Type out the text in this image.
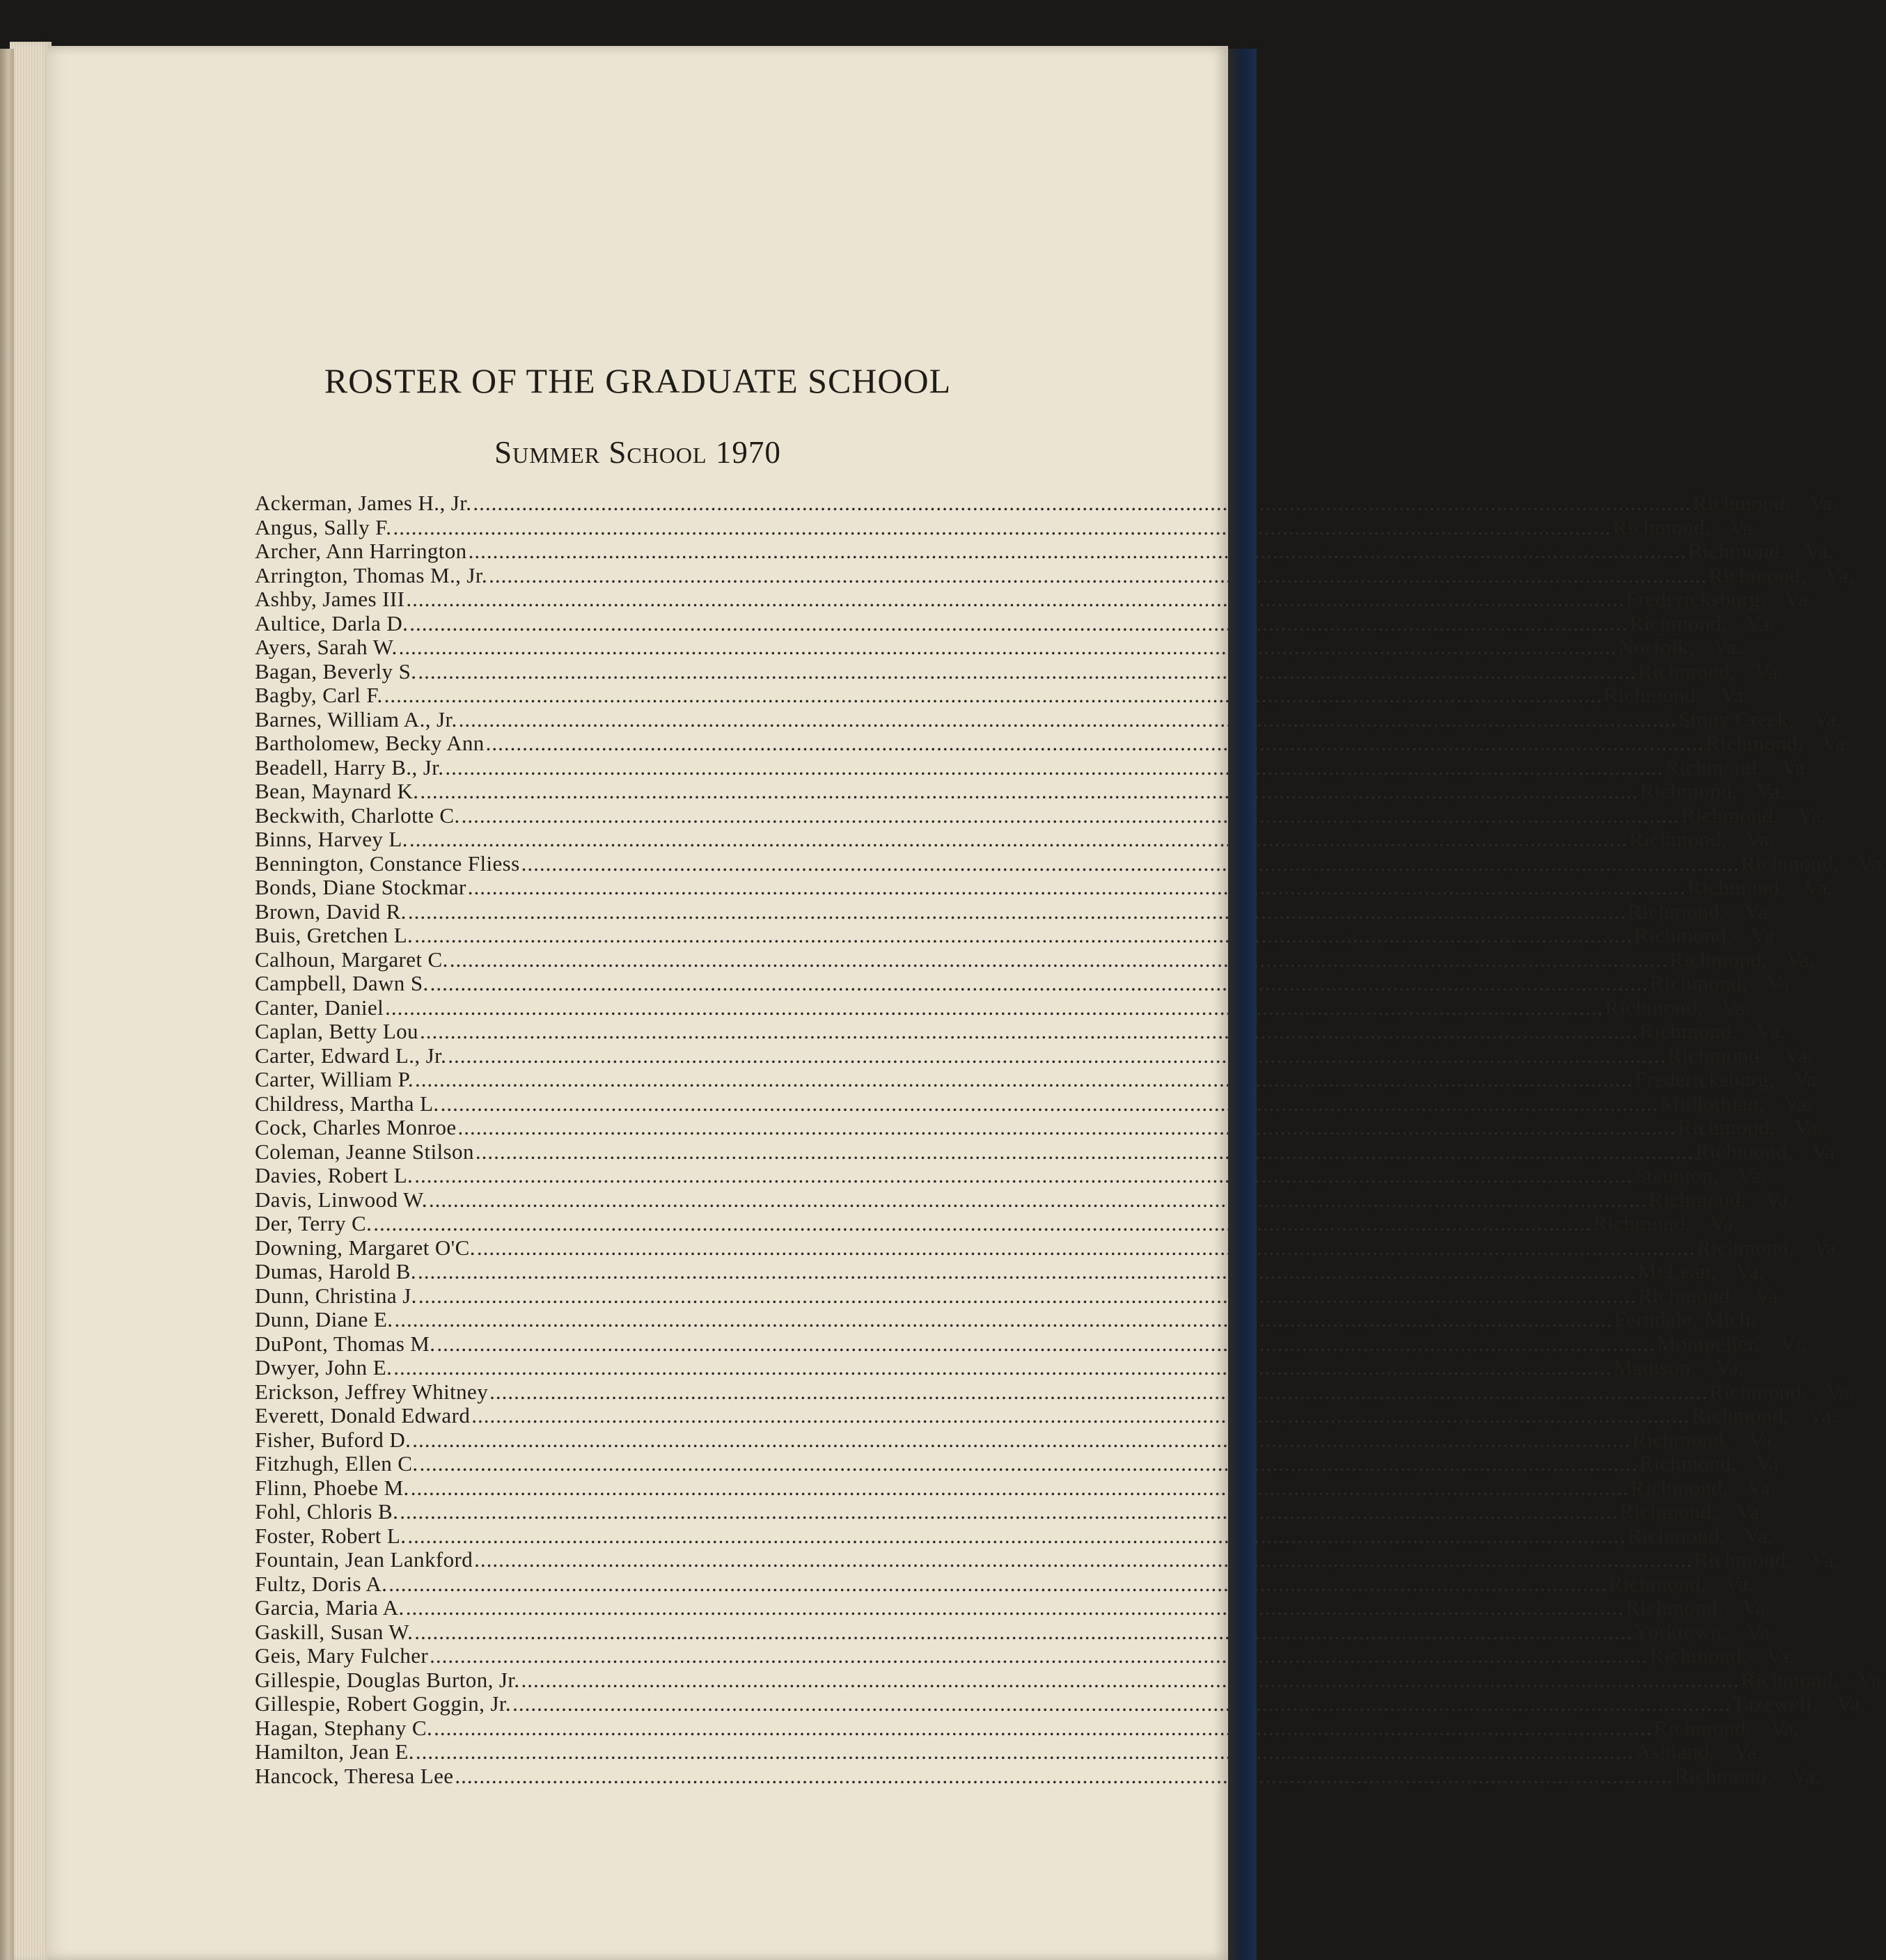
ROSTER OF THE GRADUATE SCHOOL
Summer School 1970
Ackerman, James H., Jr. .....	Richmond, Va.
Angus, Sally F. .....	Richmond, Va.
Archer, Ann Harrington .....	Richmond, Va.
Arrington, Thomas M., Jr. .....	Richmond, Va.
Ashby, James III .....	Fredericksburg, Va.
Aultice, Darla D. .....	Richmond, Va.
Ayers, Sarah W. .....	Norfolk, Va.
Bagan, Beverly S. .....	Richmond, Va.
Bagby, Carl F. .....	Richmond, Va.
Barnes, William A., Jr. .....	Stony Creek, Va.
Bartholomew, Becky Ann .....	Richmond, Va.
Beadell, Harry B., Jr. .....	Richmond, Va.
Bean, Maynard K. .....	Richmond, Va.
Beckwith, Charlotte C. .....	Richmond, Va.
Binns, Harvey L. .....	Richmond, Va.
Bennington, Constance Fliess .....	Richmond, Va.
Bonds, Diane Stockmar .....	Richmond, Va.
Brown, David R. .....	Richmond, Va.
Buis, Gretchen L. .....	Richmond, Va.
Calhoun, Margaret C. .....	Richmond, Va.
Campbell, Dawn S. .....	Richmond, Va.
Canter, Daniel .....	Richmond, Va.
Caplan, Betty Lou .....	Richmond, Va.
Carter, Edward L., Jr. .....	Richmond, Va.
Carter, William P. .....	Fredericksburg, Va.
Childress, Martha L. .....	Midlothian, Va.
Cock, Charles Monroe .....	Richmond, Va.
Coleman, Jeanne Stilson .....	Richmond, Va.
Davies, Robert L. .....	Staunton, Va.
Davis, Linwood W. .....	Richmond, Va.
Der, Terry C. .....	Richmond, Va.
Downing, Margaret O'C. .....	Richmond, Va.
Dumas, Harold B. .....	McLean, Va.
Dunn, Christina J. .....	Richmond, Va.
Dunn, Diane E. .....	Ferndale, Mich.
DuPont, Thomas M. .....	Montpelier, Vt.
Dwyer, John E. .....	Madison, Va.
Erickson, Jeffrey Whitney .....	Richmond, Va.
Everett, Donald Edward .....	Richmond, Va.
Fisher, Buford D. .....	Richmond, Va.
Fitzhugh, Ellen C. .....	Richmond, Va.
Flinn, Phoebe M. .....	Richmond, Va.
Fohl, Chloris B. .....	Richmond, Va.
Foster, Robert L. .....	Richmond, Va.
Fountain, Jean Lankford .....	Richmond, Va.
Fultz, Doris A. .....	Richmond, Va.
Garcia, Maria A. .....	Richmond, Va.
Gaskill, Susan W. .....	Yorktown, Va.
Geis, Mary Fulcher .....	Richmond, Va.
Gillespie, Douglas Burton, Jr. .....	Richmond, Va.
Gillespie, Robert Goggin, Jr. .....	Tazewell, Va.
Hagan, Stephany C. .....	Richmond, Va.
Hamilton, Jean E. .....	Ashland, Va.
Hancock, Theresa Lee .....	Richmond, Va.
